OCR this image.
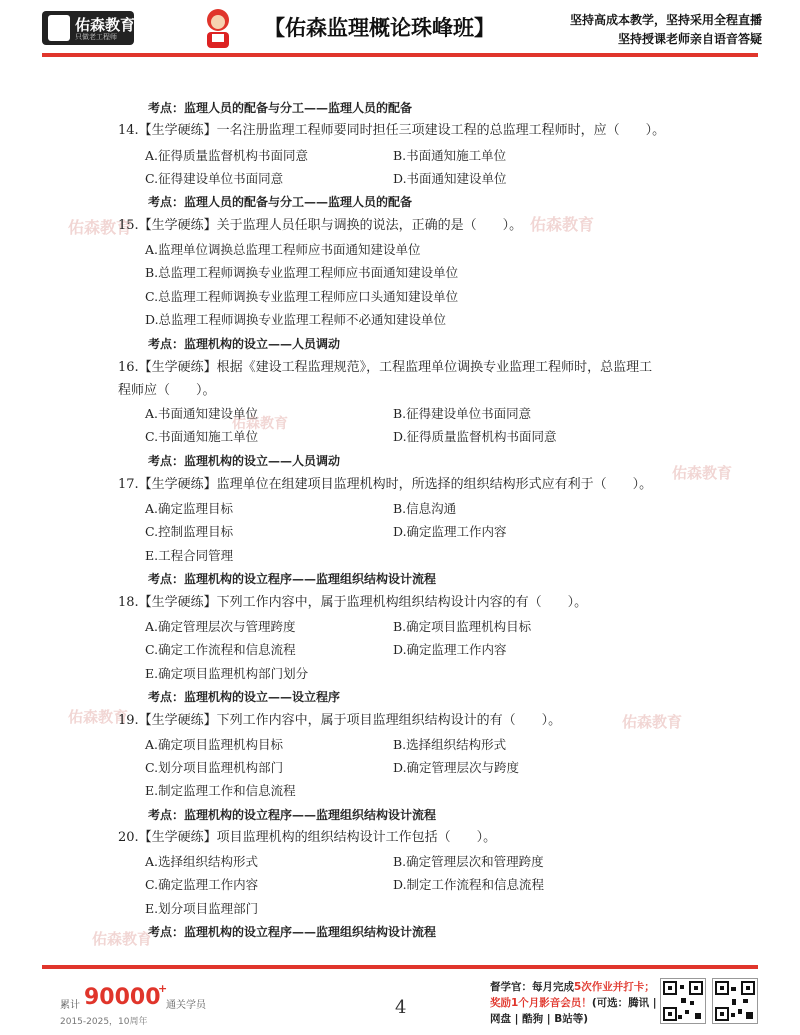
佑森教育
只做老工程师	【佑森监理概论珠峰班】	坚持高成本教学，坚持采用全程直播
坚持授课老师亲自语音答疑
佑森教育	佑森教育
佑森教育
佑森教育
佑森教育	佑森教育
佑森教育
考点：监理人员的配备与分工——监理人员的配备
14.【生学硬练】一名注册监理工程师要同时担任三项建设工程的总监理工程师时，应（　　）。
A.征得质量监督机构书面同意	B.书面通知施工单位
C.征得建设单位书面同意	D.书面通知建设单位
考点：监理人员的配备与分工——监理人员的配备
15.【生学硬练】关于监理人员任职与调换的说法，正确的是（　　）。
A.监理单位调换总监理工程师应书面通知建设单位
B.总监理工程师调换专业监理工程师应书面通知建设单位
C.总监理工程师调换专业监理工程师应口头通知建设单位
D.总监理工程师调换专业监理工程师不必通知建设单位
考点：监理机构的设立——人员调动
16.【生学硬练】根据《建设工程监理规范》，工程监理单位调换专业监理工程师时，总监理工
程师应（　　）。
A.书面通知建设单位	B.征得建设单位书面同意
C.书面通知施工单位	D.征得质量监督机构书面同意
考点：监理机构的设立——人员调动
17.【生学硬练】监理单位在组建项目监理机构时，所选择的组织结构形式应有利于（　　）。
A.确定监理目标	B.信息沟通
C.控制监理目标	D.确定监理工作内容
E.工程合同管理
考点：监理机构的设立程序——监理组织结构设计流程
18.【生学硬练】下列工作内容中，属于监理机构组织结构设计内容的有（　　）。
A.确定管理层次与管理跨度	B.确定项目监理机构目标
C.确定工作流程和信息流程	D.确定监理工作内容
E.确定项目监理机构部门划分
考点：监理机构的设立——设立程序
19.【生学硬练】下列工作内容中，属于项目监理组织结构设计的有（　　）。
A.确定项目监理机构目标	B.选择组织结构形式
C.划分项目监理机构部门	D.确定管理层次与跨度
E.制定监理工作和信息流程
考点：监理机构的设立程序——监理组织结构设计流程
20.【生学硬练】项目监理机构的组织结构设计工作包括（　　）。
A.选择组织结构形式	B.确定管理层次和管理跨度
C.确定监理工作内容	D.制定工作流程和信息流程
E.划分项目监理部门
考点：监理机构的设立程序——监理组织结构设计流程
累计 90000
+
通关学员
2015-2025，10周年
4
督学官：每月完成5次作业并打卡；
奖励1个月影音会员！(可选：腾讯 |
网盘 | 酷狗 | B站等)
